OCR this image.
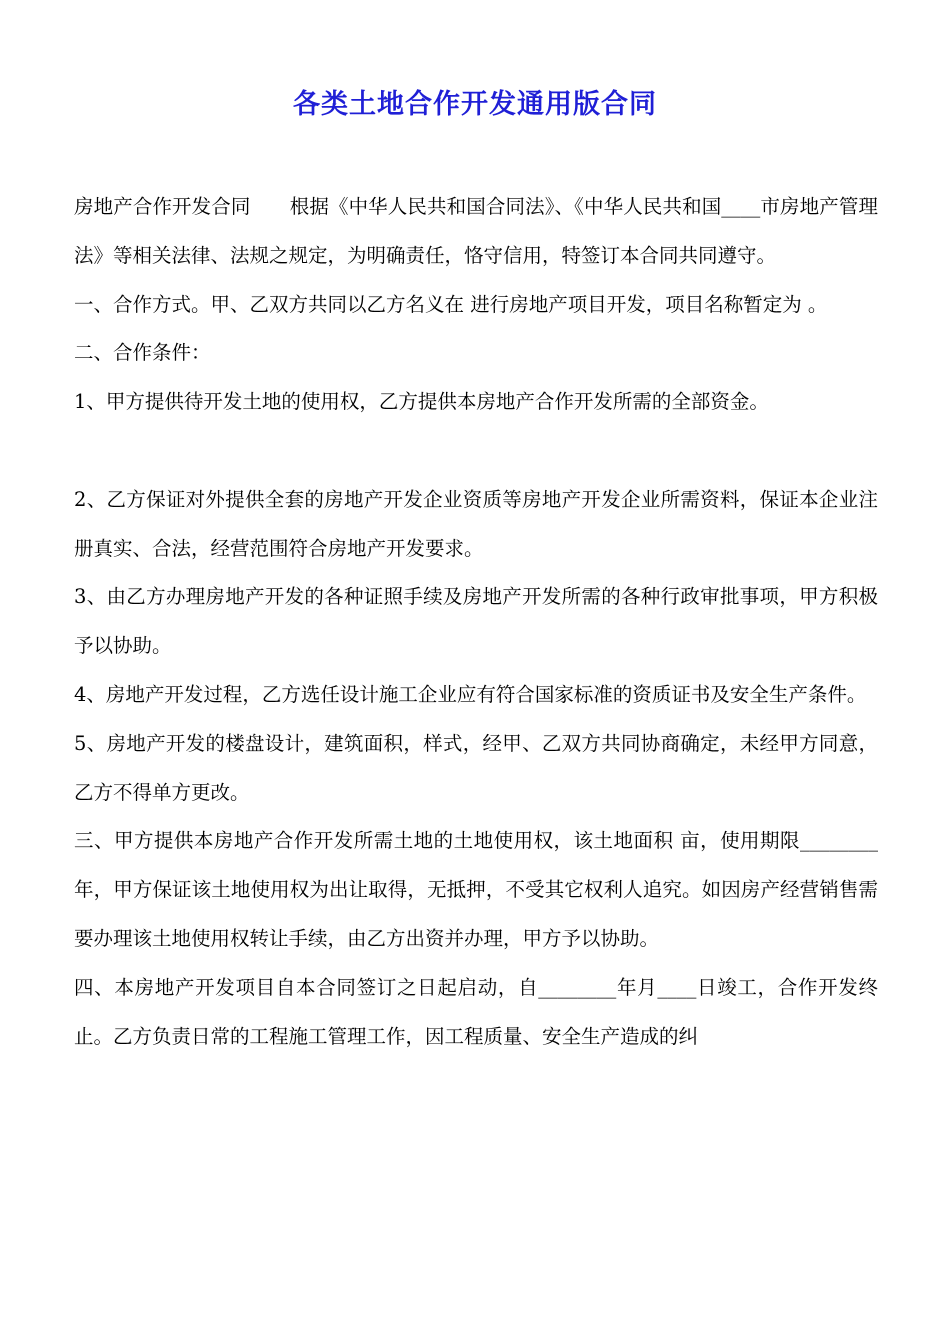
各类土地合作开发通用版合同

房地产合作开发合同　　根据《中华人民共和国合同法》、《中华人民共和国____市房地产管理法》等相关法律、法规之规定，为明确责任，恪守信用，特签订本合同共同遵守。

一、合作方式。甲、乙双方共同以乙方名义在 进行房地产项目开发，项目名称暂定为 。

二、合作条件：

1、甲方提供待开发土地的使用权，乙方提供本房地产合作开发所需的全部资金。

2、乙方保证对外提供全套的房地产开发企业资质等房地产开发企业所需资料，保证本企业注册真实、合法，经营范围符合房地产开发要求。

3、由乙方办理房地产开发的各种证照手续及房地产开发所需的各种行政审批事项，甲方积极予以协助。

4、房地产开发过程，乙方选任设计施工企业应有符合国家标准的资质证书及安全生产条件。

5、房地产开发的楼盘设计，建筑面积，样式，经甲、乙双方共同协商确定，未经甲方同意，乙方不得单方更改。

三、甲方提供本房地产合作开发所需土地的土地使用权，该土地面积 亩，使用期限________年，甲方保证该土地使用权为出让取得，无抵押，不受其它权利人追究。如因房产经营销售需要办理该土地使用权转让手续，由乙方出资并办理，甲方予以协助。

四、本房地产开发项目自本合同签订之日起启动，自________年月____日竣工，合作开发终止。乙方负责日常的工程施工管理工作，因工程质量、安全生产造成的纠
